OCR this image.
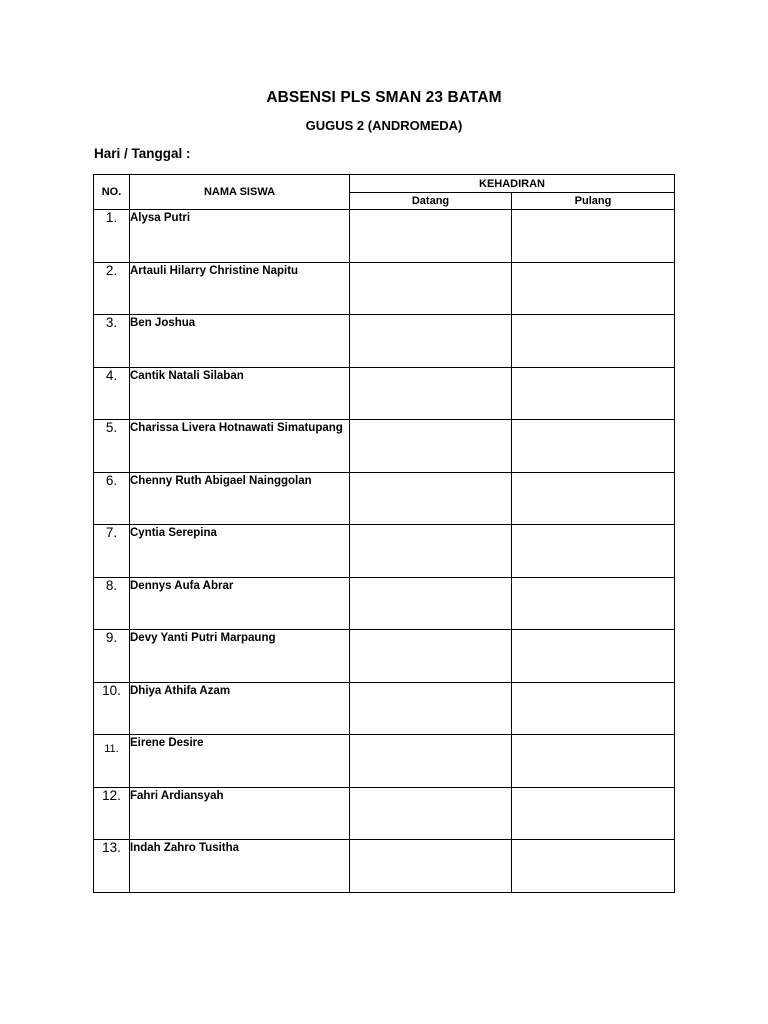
ABSENSI PLS SMAN 23 BATAM
GUGUS 2 (ANDROMEDA)
Hari / Tanggal :
NO.	NAMA SISWA	KEHADIRAN	
		Datang	Pulang
1.	Alysa Putri		
2.	Artauli Hilarry Christine Napitu		
3.	Ben Joshua		
4.	Cantik Natali Silaban		
5.	Charissa Livera Hotnawati Simatupang		
6.	Chenny Ruth Abigael Nainggolan		
7.	Cyntia Serepina		
8.	Dennys Aufa Abrar		
9.	Devy Yanti Putri Marpaung		
10.	Dhiya Athifa Azam		
11.	Eirene Desire		
12.	Fahri Ardiansyah		
13.	Indah Zahro Tusitha		
